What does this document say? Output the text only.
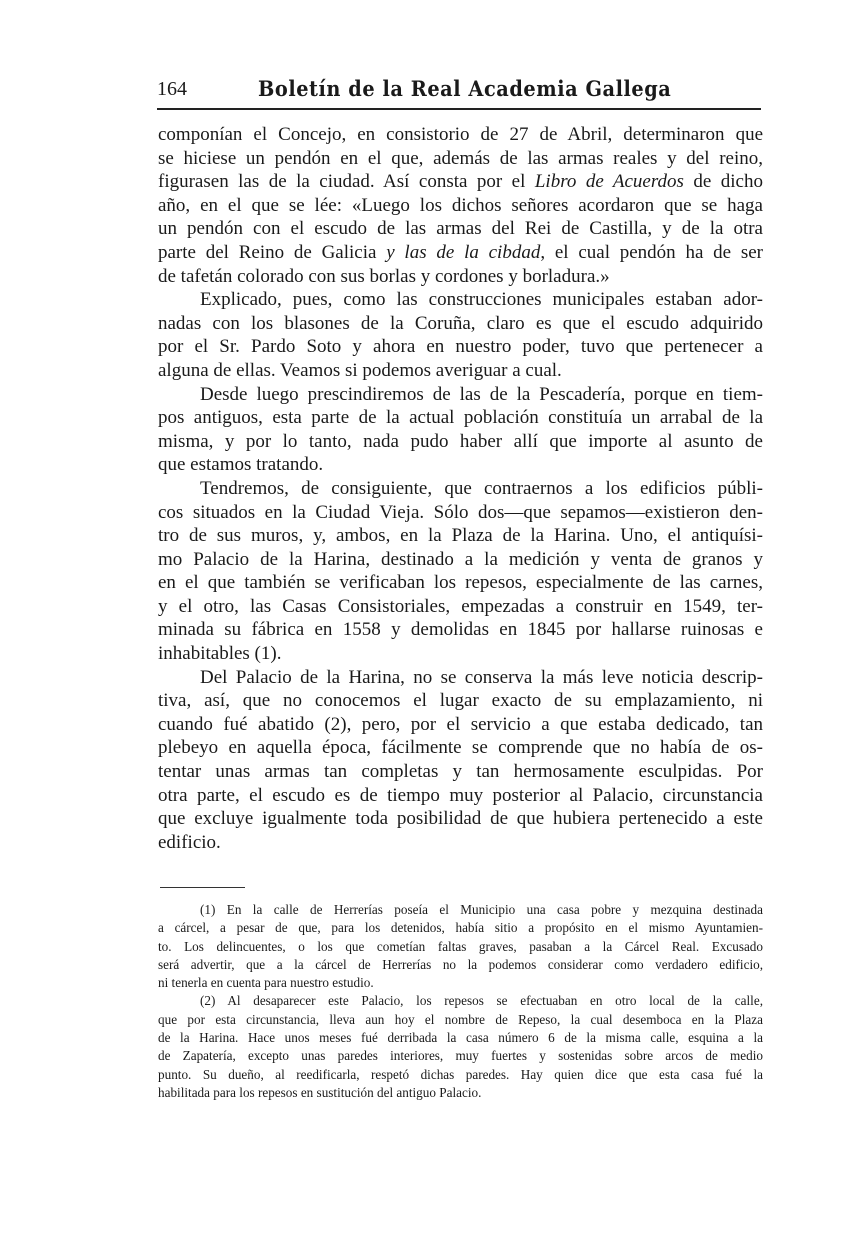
164	Boletín de la Real Academia Gallega
componían el Concejo, en consistorio de 27 de Abril, determinaron que
se hiciese un pendón en el que, además de las armas reales y del reino,
figurasen las de la ciudad. Así consta por el Libro de Acuerdos de dicho
año, en el que se lée: «Luego los dichos señores acordaron que se haga
un pendón con el escudo de las armas del Rei de Castilla, y de la otra
parte del Reino de Galicia y las de la cibdad, el cual pendón ha de ser
de tafetán colorado con sus borlas y cordones y borladura.»
Explicado, pues, como las construcciones municipales estaban ador-
nadas con los blasones de la Coruña, claro es que el escudo adquirido
por el Sr. Pardo Soto y ahora en nuestro poder, tuvo que pertenecer a
alguna de ellas. Veamos si podemos averiguar a cual.
Desde luego prescindiremos de las de la Pescadería, porque en tiem-
pos antiguos, esta parte de la actual población constituía un arrabal de la
misma, y por lo tanto, nada pudo haber allí que importe al asunto de
que estamos tratando.
Tendremos, de consiguiente, que contraernos a los edificios públi-
cos situados en la Ciudad Vieja. Sólo dos—que sepamos—existieron den-
tro de sus muros, y, ambos, en la Plaza de la Harina. Uno, el antiquísi-
mo Palacio de la Harina, destinado a la medición y venta de granos y
en el que también se verificaban los repesos, especialmente de las carnes,
y el otro, las Casas Consistoriales, empezadas a construir en 1549, ter-
minada su fábrica en 1558 y demolidas en 1845 por hallarse ruinosas e
inhabitables (1).
Del Palacio de la Harina, no se conserva la más leve noticia descrip-
tiva, así, que no conocemos el lugar exacto de su emplazamiento, ni
cuando fué abatido (2), pero, por el servicio a que estaba dedicado, tan
plebeyo en aquella época, fácilmente se comprende que no había de os-
tentar unas armas tan completas y tan hermosamente esculpidas. Por
otra parte, el escudo es de tiempo muy posterior al Palacio, circunstancia
que excluye igualmente toda posibilidad de que hubiera pertenecido a este
edificio.
(1) En la calle de Herrerías poseía el Municipio una casa pobre y mezquina destinada
a cárcel, a pesar de que, para los detenidos, había sitio a propósito en el mismo Ayuntamien-
to. Los delincuentes, o los que cometían faltas graves, pasaban a la Cárcel Real. Excusado
será advertir, que a la cárcel de Herrerías no la podemos considerar como verdadero edificio,
ni tenerla en cuenta para nuestro estudio.
(2) Al desaparecer este Palacio, los repesos se efectuaban en otro local de la calle,
que por esta circunstancia, lleva aun hoy el nombre de Repeso, la cual desemboca en la Plaza
de la Harina. Hace unos meses fué derribada la casa número 6 de la misma calle, esquina a la
de Zapatería, excepto unas paredes interiores, muy fuertes y sostenidas sobre arcos de medio
punto. Su dueño, al reedificarla, respetó dichas paredes. Hay quien dice que esta casa fué la
habilitada para los repesos en sustitución del antiguo Palacio.
